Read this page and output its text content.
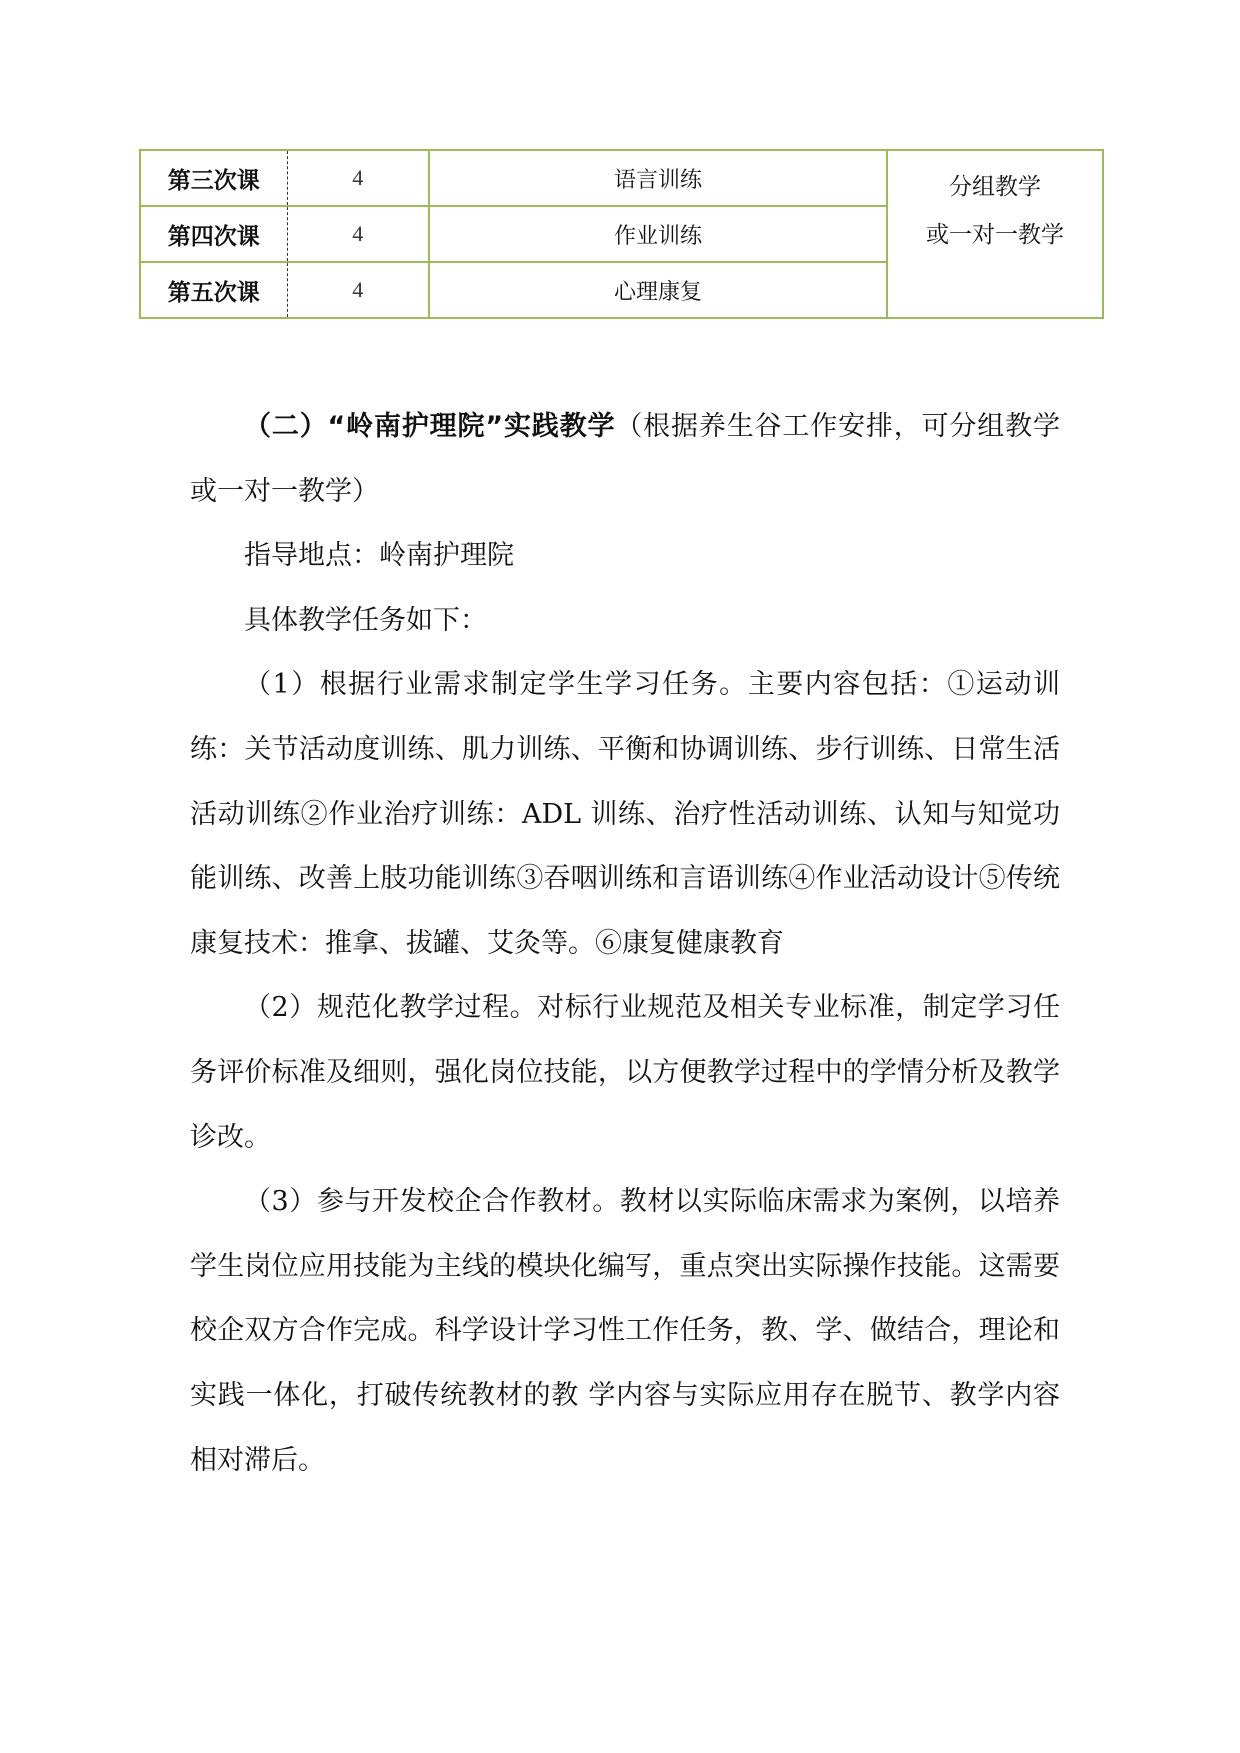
第三次课	4	语言训练	分组教学
或一对一教学

第四次课	4	作业训练	
第五次课	4	心理康复	

（二）“岭南护理院”实践教学（根据养生谷工作安排，可分组教学或一对一教学）

指导地点：岭南护理院

具体教学任务如下：

（1）根据行业需求制定学生学习任务。主要内容包括：①运动训练：关节活动度训练、肌力训练、平衡和协调训练、步行训练、日常生活活动训练②作业治疗训练：ADL 训练、治疗性活动训练、认知与知觉功能训练、改善上肢功能训练③吞咽训练和言语训练④作业活动设计⑤传统康复技术：推拿、拔罐、艾灸等。⑥康复健康教育

（2）规范化教学过程。对标行业规范及相关专业标准，制定学习任务评价标准及细则，强化岗位技能，以方便教学过程中的学情分析及教学诊改。

（3）参与开发校企合作教材。教材以实际临床需求为案例，以培养学生岗位应用技能为主线的模块化编写，重点突出实际操作技能。这需要校企双方合作完成。科学设计学习性工作任务，教、学、做结合，理论和实践一体化，打破传统教材的教 学内容与实际应用存在脱节、教学内容相对滞后。
